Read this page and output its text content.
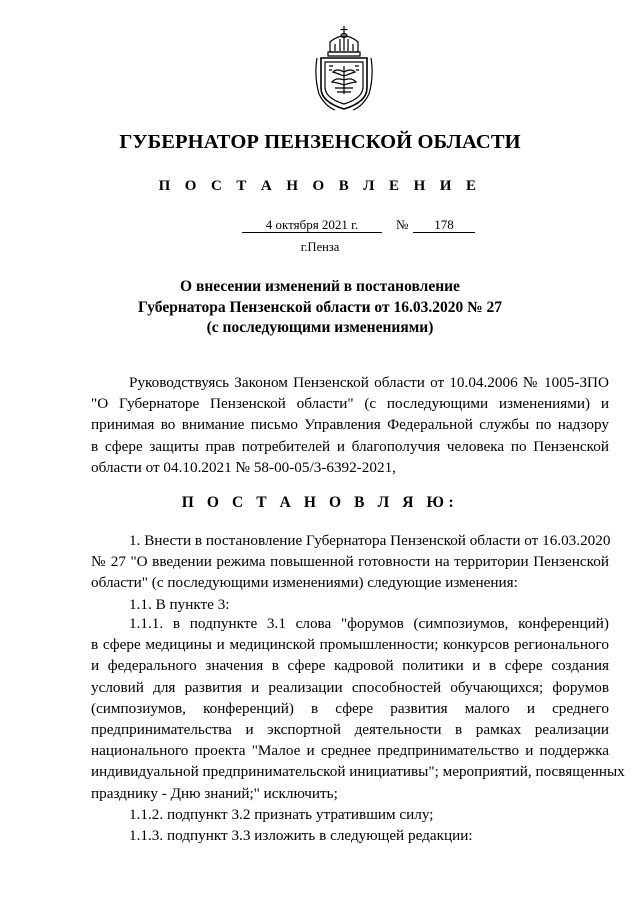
ГУБЕРНАТОР ПЕНЗЕНСКОЙ ОБЛАСТИ
П О С Т А Н О В Л Е Н И Е
4 октября 2021 г.	№	178
г.Пенза
О внесении изменений в постановление
Губернатора Пензенской области от 16.03.2020 № 27
(с последующими изменениями)
Руководствуясь Законом Пензенской области от 10.04.2006 № 1005-ЗПО
"О Губернаторе Пензенской области" (с последующими изменениями) и
принимая во внимание письмо Управления Федеральной службы по надзору
в сфере защиты прав потребителей и благополучия человека по Пензенской
области от 04.10.2021 № 58-00-05/3-6392-2021,
П О С Т А Н О В Л Я Ю:
1. Внести в постановление Губернатора Пензенской области от 16.03.2020
№ 27 "О введении режима повышенной готовности на территории Пензенской
области" (с последующими изменениями) следующие изменения:
1.1. В пункте 3:
1.1.1. в подпункте 3.1 слова "форумов (симпозиумов, конференций)
в сфере медицины и медицинской промышленности; конкурсов регионального
и федерального значения в сфере кадровой политики и в сфере создания
условий для развития и реализации способностей обучающихся; форумов
(симпозиумов, конференций) в сфере развития малого и среднего
предпринимательства и экспортной деятельности в рамках реализации
национального проекта "Малое и среднее предпринимательство и поддержка
индивидуальной предпринимательской инициативы"; мероприятий, посвященных
празднику - Дню знаний;" исключить;
1.1.2. подпункт 3.2 признать утратившим силу;
1.1.3. подпункт 3.3 изложить в следующей редакции:
